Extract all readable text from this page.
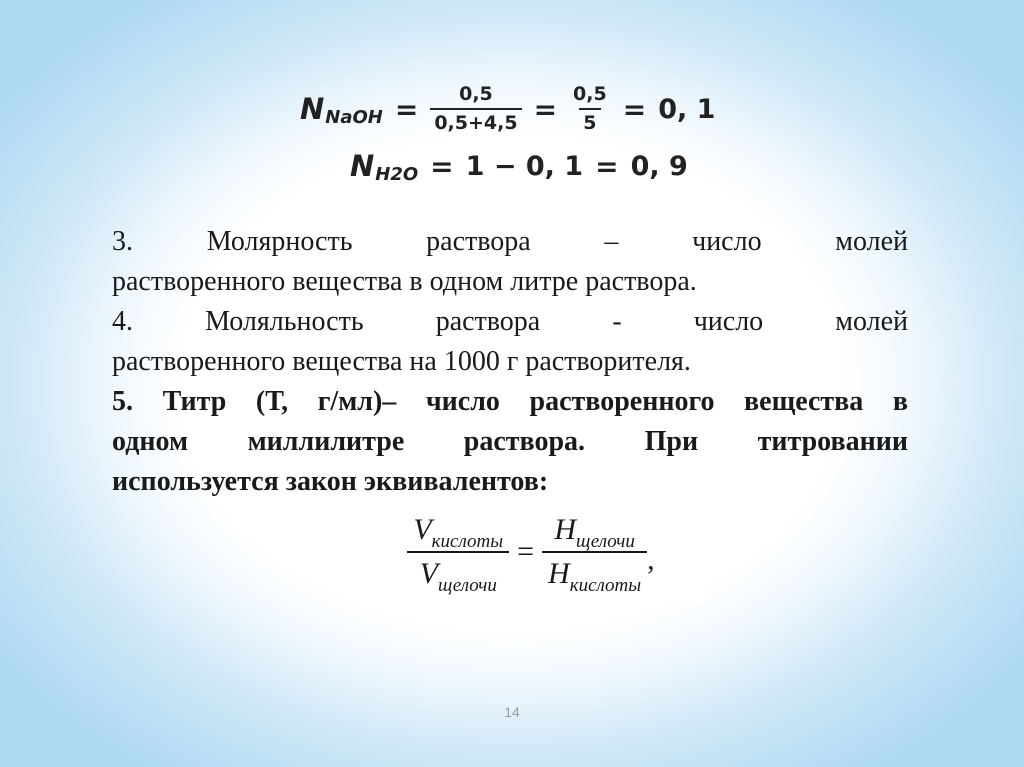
N NaOH = $\frac{0,5}{0,5+4,5} = \frac{0,5}{5} = 0$, 1
N H2O = 1 − 0, 1 = 0, 9

3. Молярность раствора – число молей

растворенного вещества в одном литре раствора.

4. Моляльность раствора - число молей

растворенного вещества на 1000 г растворителя.

5. Титр (Т, г/мл)– число растворенного вещества в

одном миллилитре раствора. При титровании

используется закон эквивалентов:

Vкислоты
Vщелочи
=
Нщелочи
Нкислоты
,
14
